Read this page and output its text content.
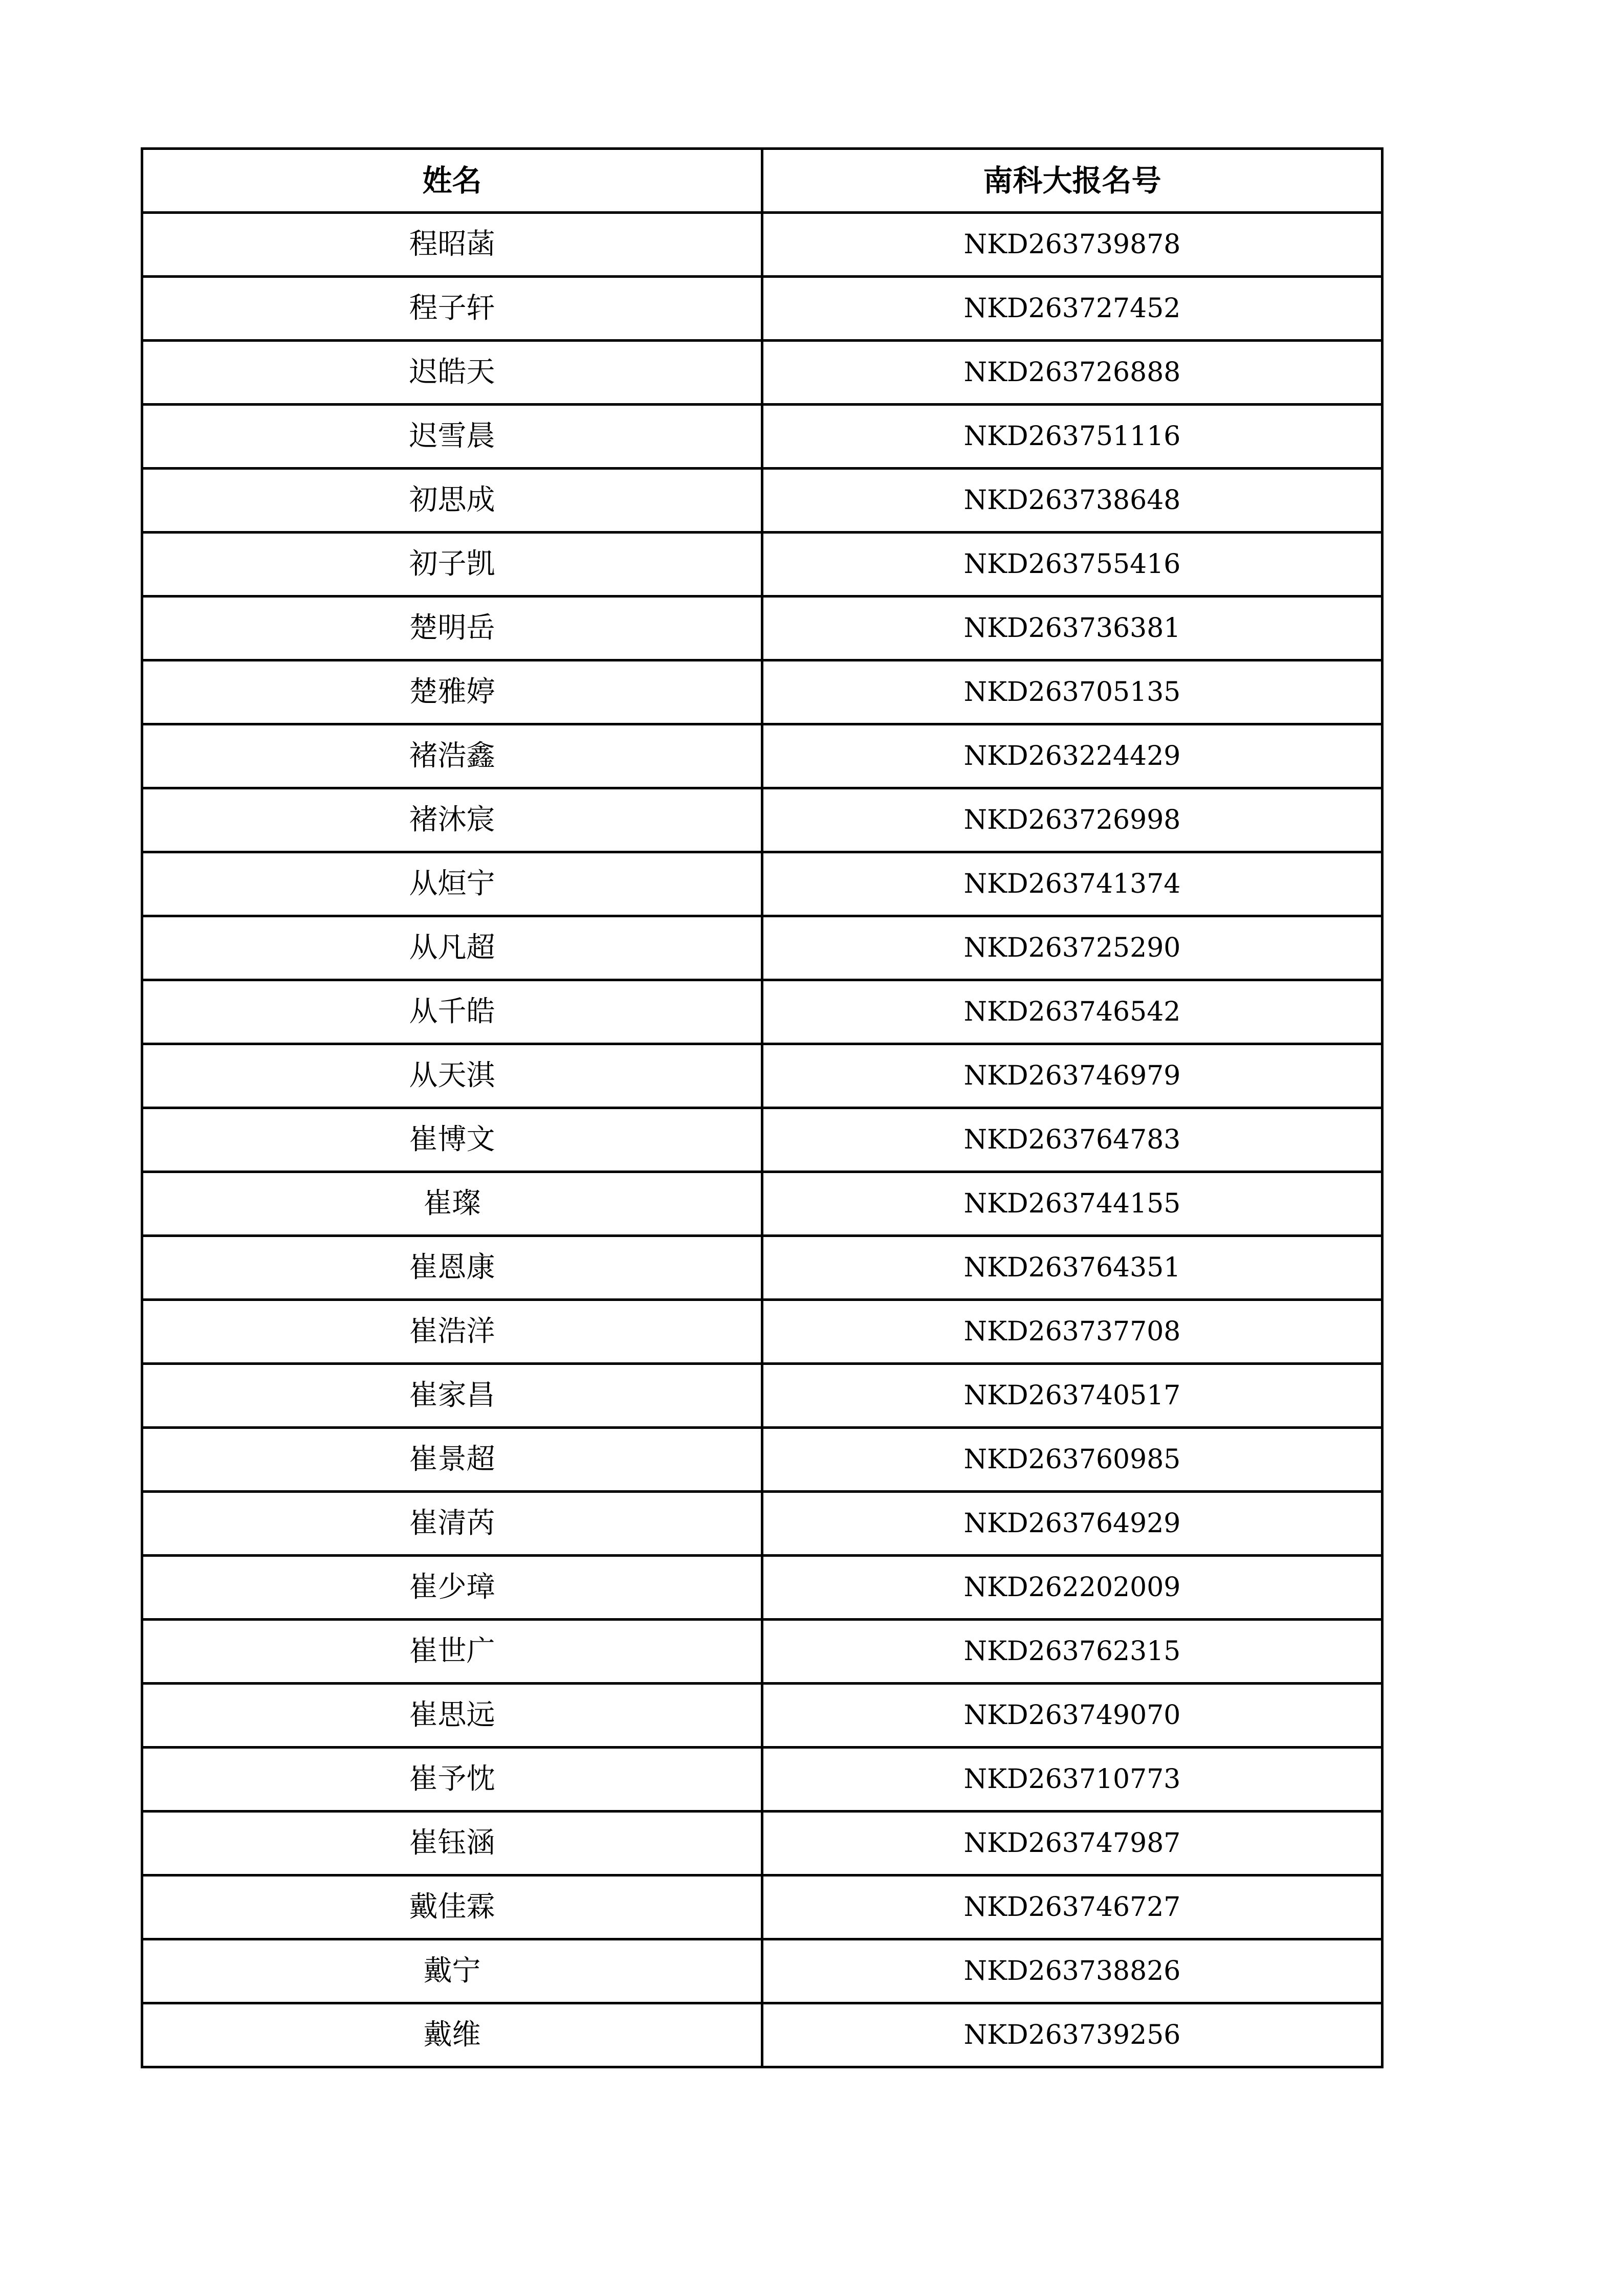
姓名	南科大报名号
程昭菡	NKD263739878
程子轩	NKD263727452
迟皓天	NKD263726888
迟雪晨	NKD263751116
初思成	NKD263738648
初子凯	NKD263755416
楚明岳	NKD263736381
楚雅婷	NKD263705135
褚浩鑫	NKD263224429
褚沐宸	NKD263726998
从烜宁	NKD263741374
从凡超	NKD263725290
从千皓	NKD263746542
从天淇	NKD263746979
崔博文	NKD263764783
崔璨	NKD263744155
崔恩康	NKD263764351
崔浩洋	NKD263737708
崔家昌	NKD263740517
崔景超	NKD263760985
崔清芮	NKD263764929
崔少璋	NKD262202009
崔世广	NKD263762315
崔思远	NKD263749070
崔予忱	NKD263710773
崔钰涵	NKD263747987
戴佳霖	NKD263746727
戴宁	NKD263738826
戴维	NKD263739256
